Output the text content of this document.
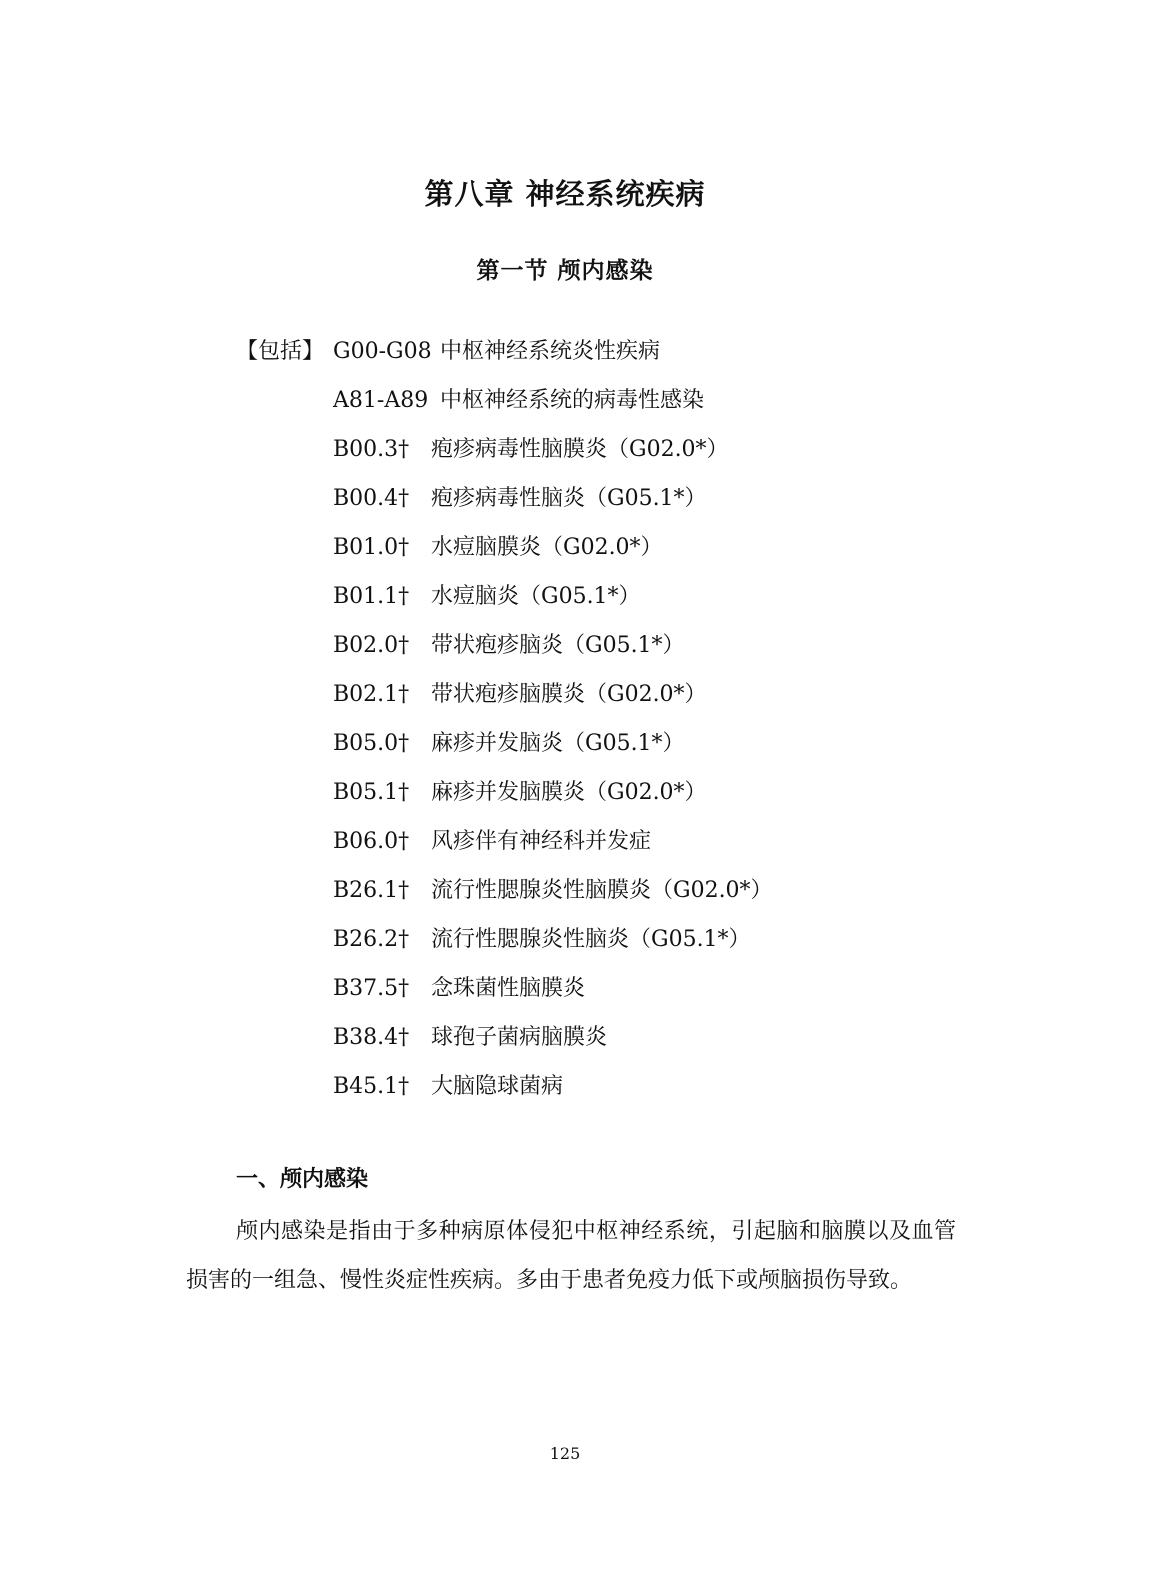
第八章 神经系统疾病
第一节 颅内感染
【包括】 G00-G08 中枢神经系统炎性疾病
A81-A89 中枢神经系统的病毒性感染
B00.3† 疱疹病毒性脑膜炎（G02.0*）
B00.4† 疱疹病毒性脑炎（G05.1*）
B01.0† 水痘脑膜炎（G02.0*）
B01.1† 水痘脑炎（G05.1*）
B02.0† 带状疱疹脑炎（G05.1*）
B02.1† 带状疱疹脑膜炎（G02.0*）
B05.0† 麻疹并发脑炎（G05.1*）
B05.1† 麻疹并发脑膜炎（G02.0*）
B06.0† 风疹伴有神经科并发症
B26.1† 流行性腮腺炎性脑膜炎（G02.0*）
B26.2† 流行性腮腺炎性脑炎（G05.1*）
B37.5† 念珠菌性脑膜炎
B38.4† 球孢子菌病脑膜炎
B45.1† 大脑隐球菌病
一、颅内感染
颅内感染是指由于多种病原体侵犯中枢神经系统，引起脑和脑膜以及血管损害的一组急、慢性炎症性疾病。多由于患者免疫力低下或颅脑损伤导致。
125
